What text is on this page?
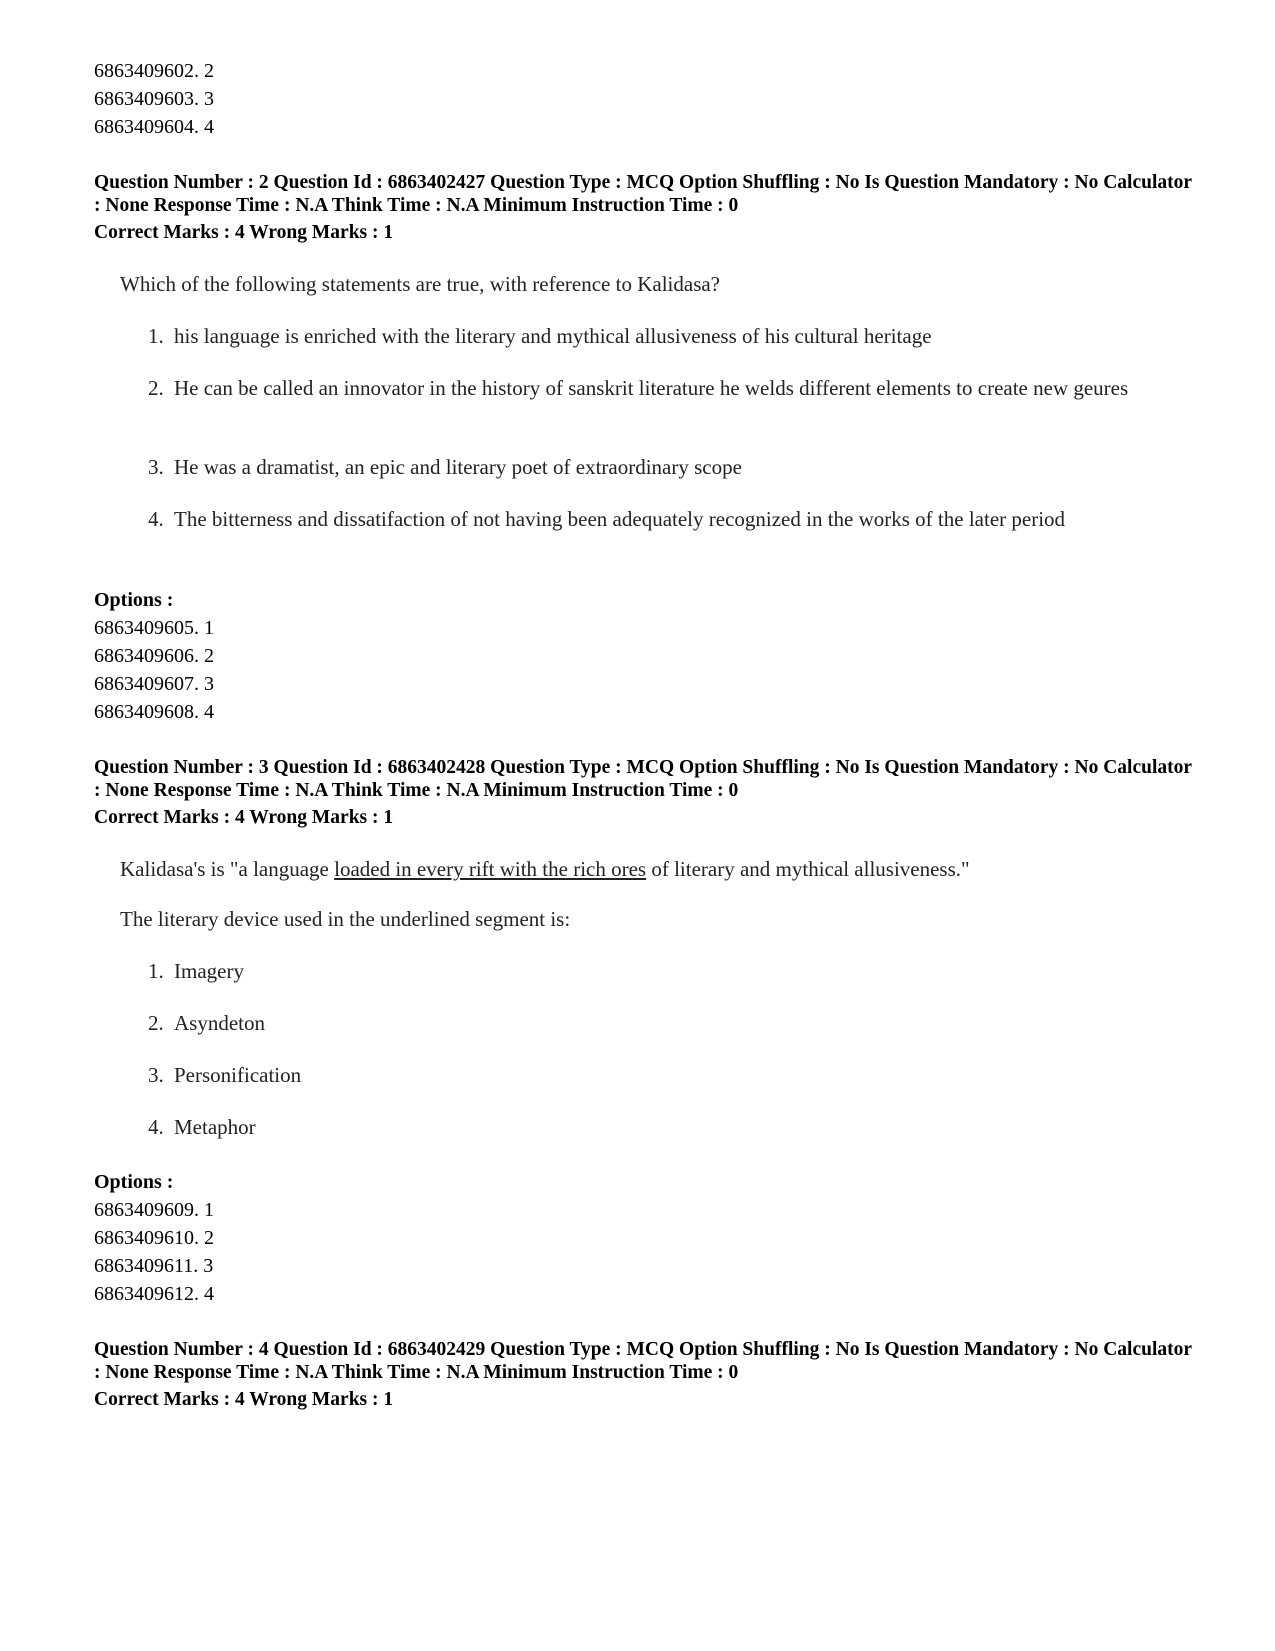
6863409602. 2
6863409603. 3
6863409604. 4
Question Number : 2 Question Id : 6863402427 Question Type : MCQ Option Shuffling : No Is Question Mandatory : No Calculator : None Response Time : N.A Think Time : N.A Minimum Instruction Time : 0
Correct Marks : 4 Wrong Marks : 1
Which of the following statements are true, with reference to Kalidasa?
1. his language is enriched with the literary and mythical allusiveness of his cultural heritage
2. He can be called an innovator in the history of sanskrit literature he welds different elements to create new geures
3. He was a dramatist, an epic and literary poet of extraordinary scope
4. The bitterness and dissatifaction of not having been adequately recognized in the works of the later period
Options :
6863409605. 1
6863409606. 2
6863409607. 3
6863409608. 4
Question Number : 3 Question Id : 6863402428 Question Type : MCQ Option Shuffling : No Is Question Mandatory : No Calculator : None Response Time : N.A Think Time : N.A Minimum Instruction Time : 0
Correct Marks : 4 Wrong Marks : 1
Kalidasa's is "a language loaded in every rift with the rich ores of literary and mythical allusiveness."
The literary device used in the underlined segment is:
1. Imagery
2. Asyndeton
3. Personification
4. Metaphor
Options :
6863409609. 1
6863409610. 2
6863409611. 3
6863409612. 4
Question Number : 4 Question Id : 6863402429 Question Type : MCQ Option Shuffling : No Is Question Mandatory : No Calculator : None Response Time : N.A Think Time : N.A Minimum Instruction Time : 0
Correct Marks : 4 Wrong Marks : 1
